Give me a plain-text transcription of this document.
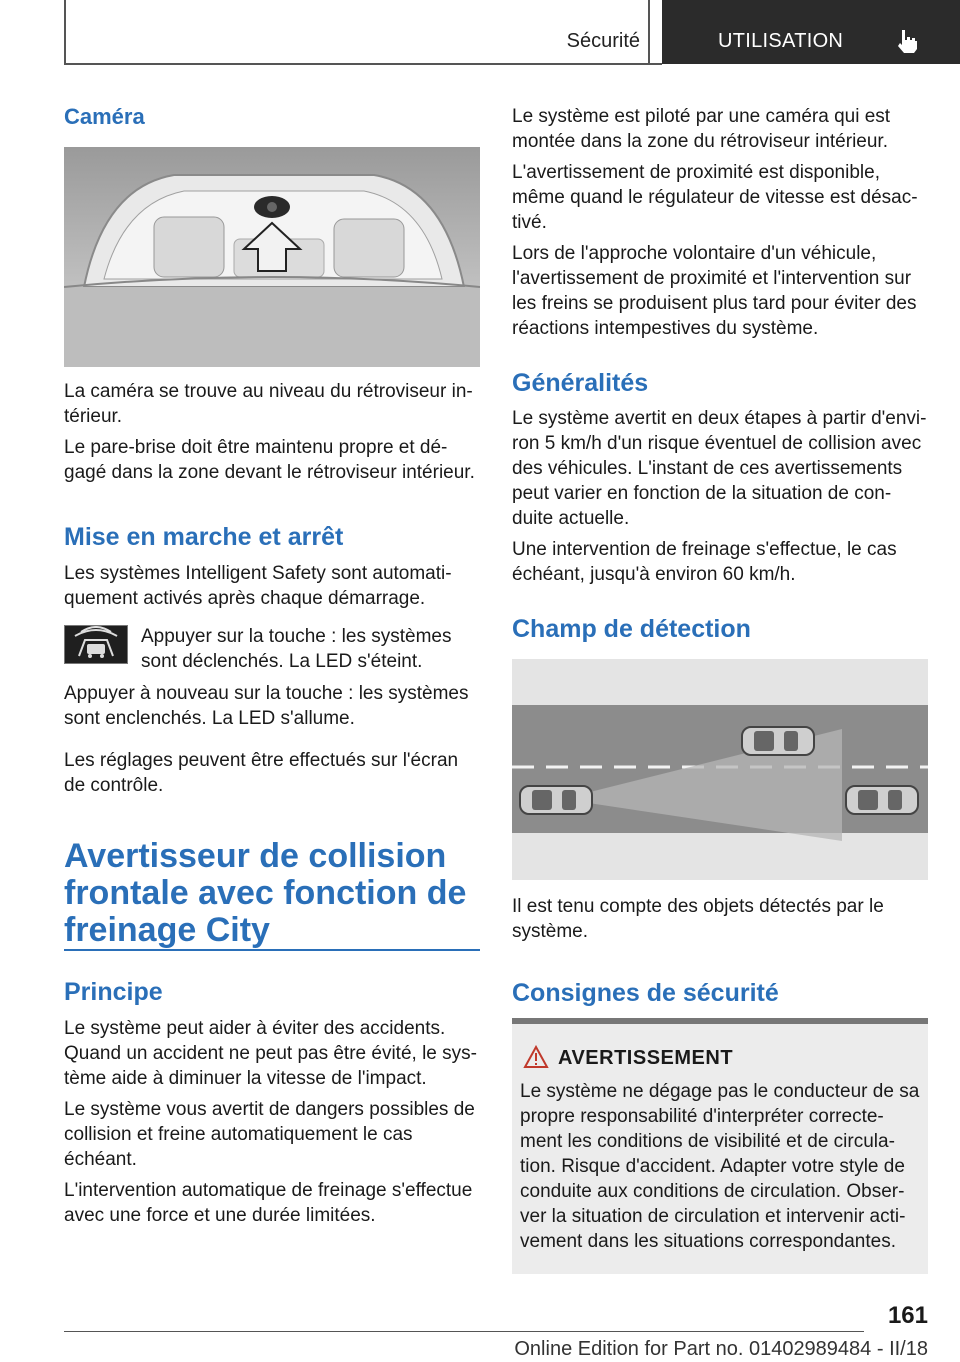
Sécurité	UTILISATION
Caméra

La caméra se trouve au niveau du rétroviseur in‐ térieur.

Le pare-brise doit être maintenu propre et dé‐ gagé dans la zone devant le rétroviseur intérieur.

Mise en marche et arrêt
Les systèmes Intelligent Safety sont automati‐ quement activés après chaque démarrage.
Appuyer sur la touche : les systèmes sont déclenchés. La LED s'éteint.
Appuyer à nouveau sur la touche : les systèmes sont enclenchés. La LED s'allume.
Les réglages peuvent être effectués sur l'écran de contrôle.
Avertisseur de collision frontale avec fonction de freinage City
Principe

Le système peut aider à éviter des accidents. Quand un accident ne peut pas être évité, le sys‐ tème aide à diminuer la vitesse de l'impact.

Le système vous avertit de dangers possibles de collision et freine automatiquement le cas échéant.

L'intervention automatique de freinage s'effectue avec une force et une durée limitées.

Le système est piloté par une caméra qui est montée dans la zone du rétroviseur intérieur.

L'avertissement de proximité est disponible, même quand le régulateur de vitesse est désac‐ tivé.

Lors de l'approche volontaire d'un véhicule, l'avertissement de proximité et l'intervention sur les freins se produisent plus tard pour éviter des réactions intempestives du système.

Généralités

Le système avertit en deux étapes à partir d'envi‐ ron 5 km/h d'un risque éventuel de collision avec des véhicules. L'instant de ces avertissements peut varier en fonction de la situation de con‐ duite actuelle.

Une intervention de freinage s'effectue, le cas échéant, jusqu'à environ 60 km/h.

Champ de détection
Il est tenu compte des objets détectés par le système.
Consignes de sécurité
AVERTISSEMENT
Le système ne dégage pas le conducteur de sa propre responsabilité d'interpréter correcte‐ ment les conditions de visibilité et de circula‐ tion. Risque d'accident. Adapter votre style de conduite aux conditions de circulation. Obser‐ ver la situation de circulation et intervenir acti‐ vement dans les situations correspondantes.
161
Online Edition for Part no. 01402989484 - II/18
